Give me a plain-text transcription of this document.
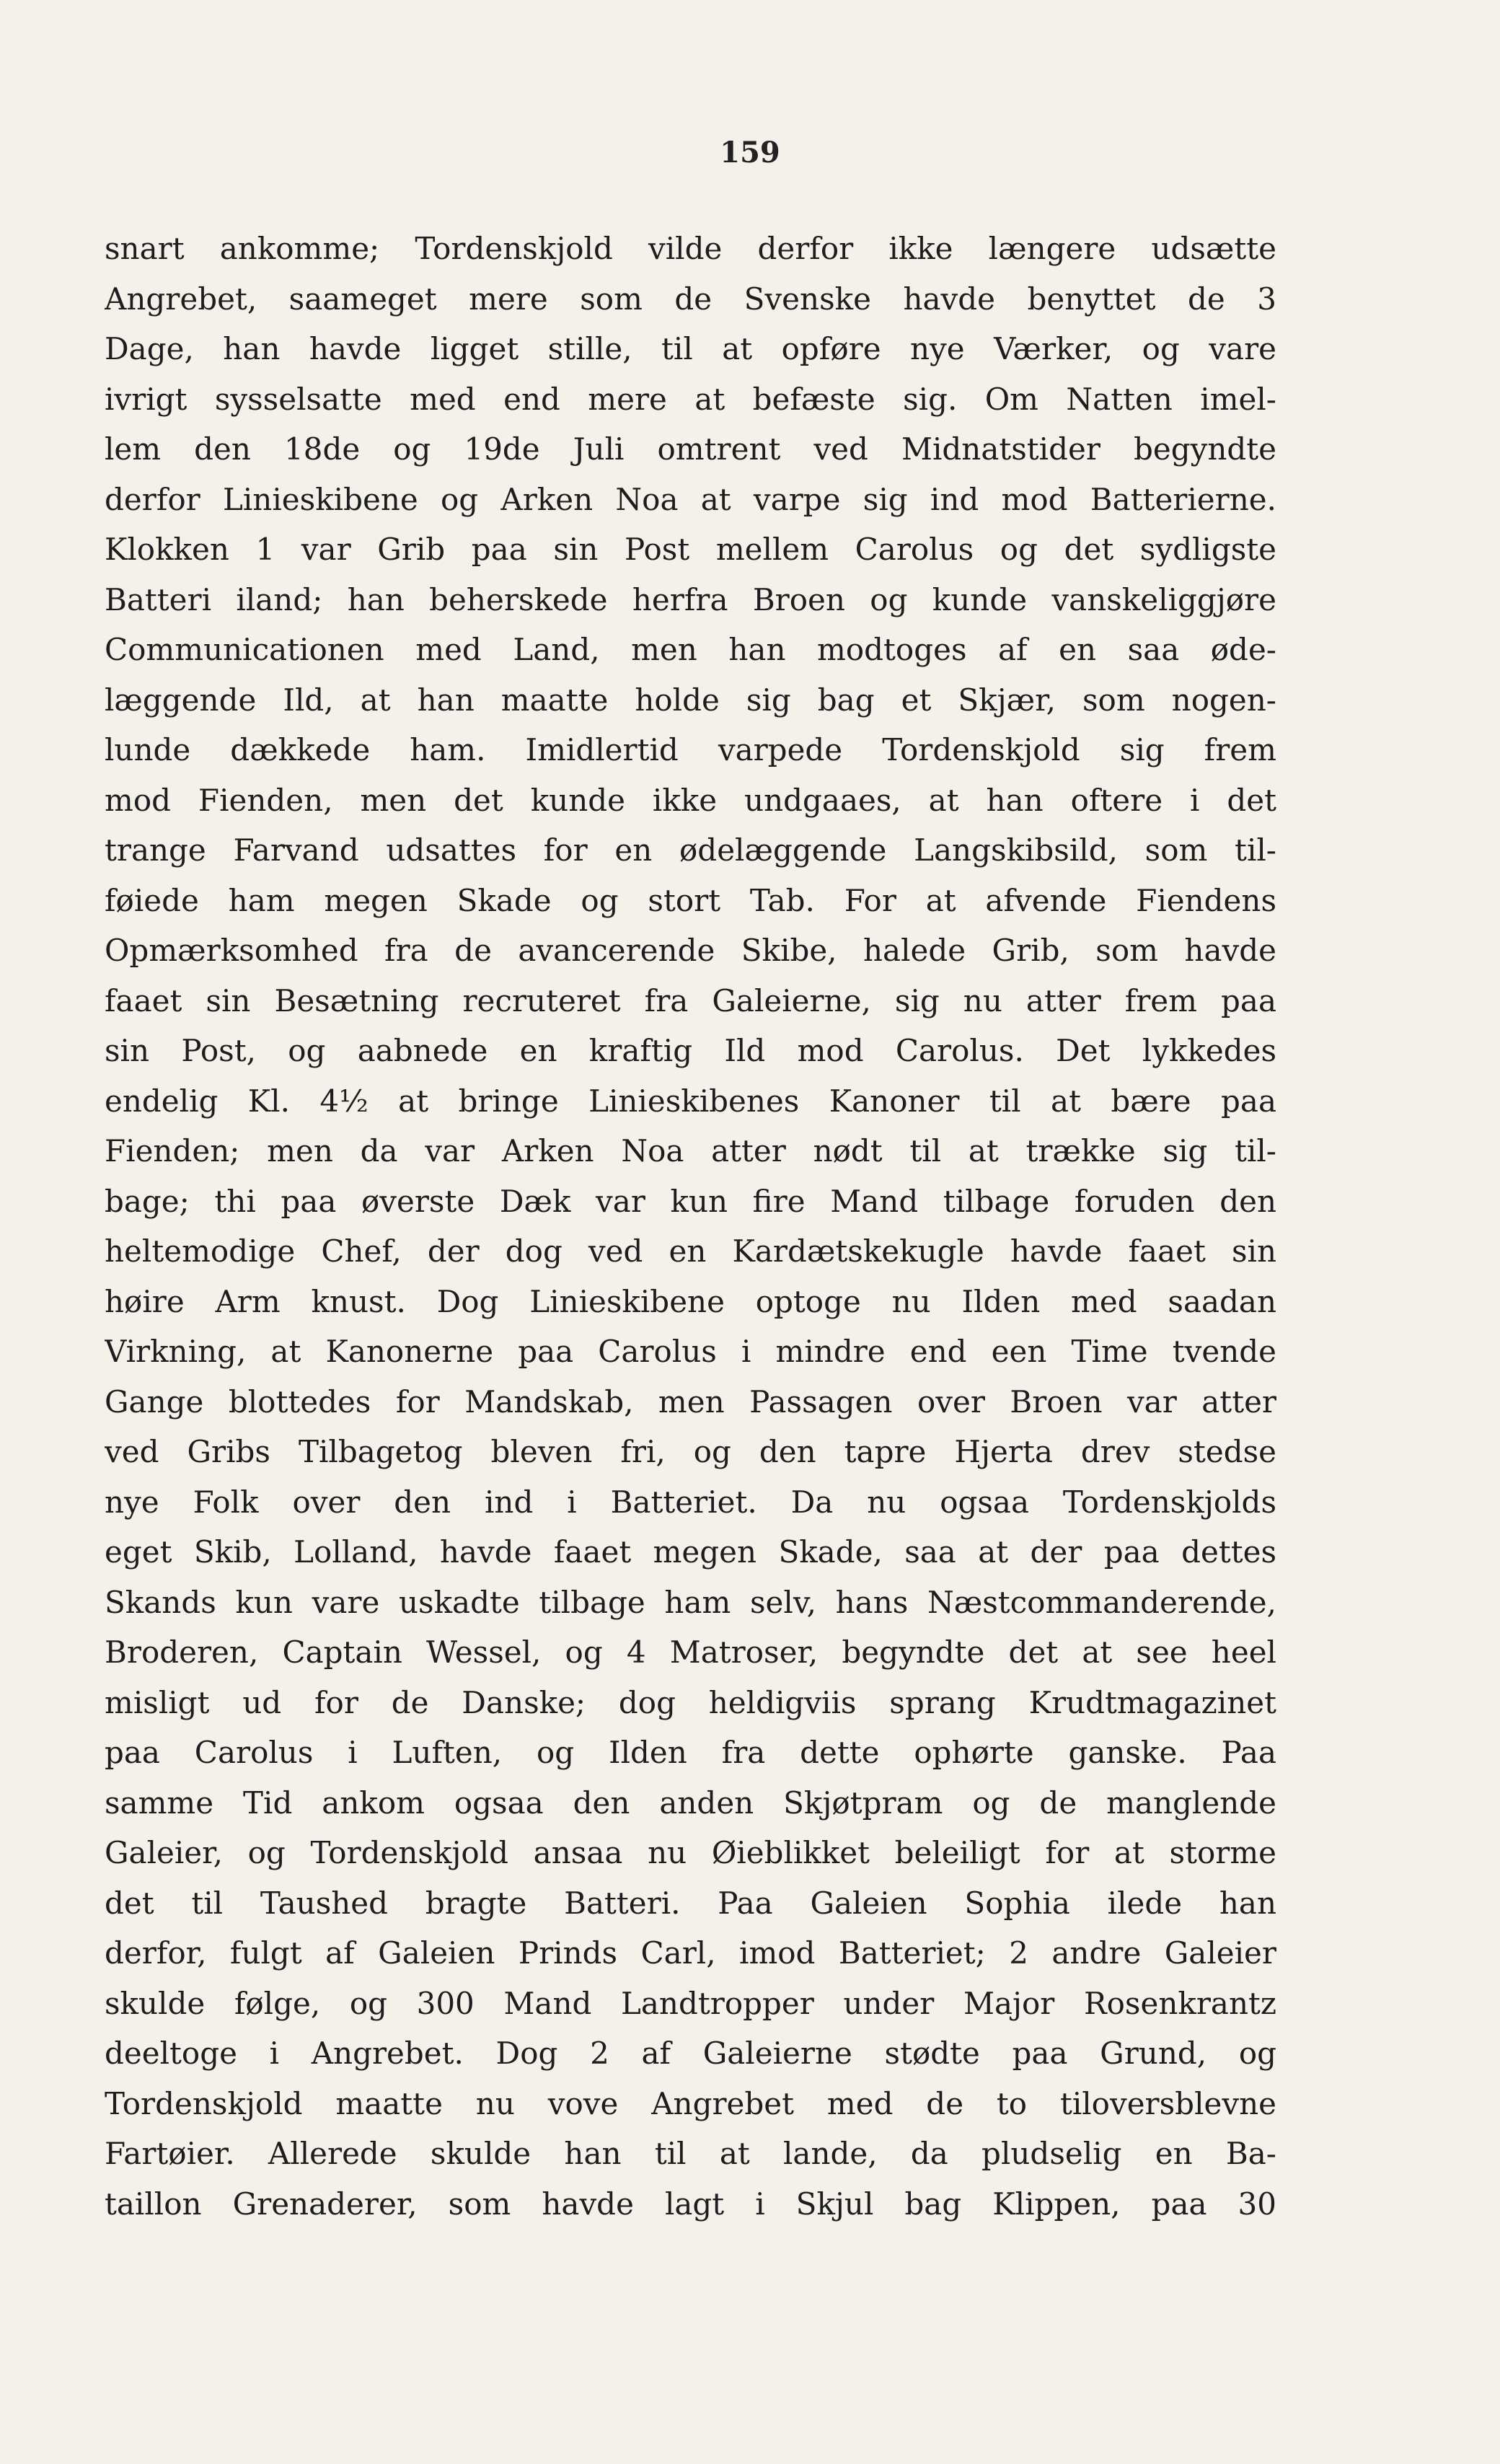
159
snart ankomme; Tordenskjold vilde derfor ikke længere udsætte
Angrebet, saameget mere som de Svenske havde benyttet de 3
Dage, han havde ligget stille, til at opføre nye Værker, og vare
ivrigt sysselsatte med end mere at befæste sig. Om Natten imel-
lem den 18de og 19de Juli omtrent ved Midnatstider begyndte
derfor Linieskibene og Arken Noa at varpe sig ind mod Batterierne.
Klokken 1 var Grib paa sin Post mellem Carolus og det sydligste
Batteri iland; han beherskede herfra Broen og kunde vanskeliggjøre
Communicationen med Land, men han modtoges af en saa øde-
læggende Ild, at han maatte holde sig bag et Skjær, som nogen-
lunde dækkede ham. Imidlertid varpede Tordenskjold sig frem
mod Fienden, men det kunde ikke undgaaes, at han oftere i det
trange Farvand udsattes for en ødelæggende Langskibsild, som til-
føiede ham megen Skade og stort Tab. For at afvende Fiendens
Opmærksomhed fra de avancerende Skibe, halede Grib, som havde
faaet sin Besætning recruteret fra Galeierne, sig nu atter frem paa
sin Post, og aabnede en kraftig Ild mod Carolus. Det lykkedes
endelig Kl. 4½ at bringe Linieskibenes Kanoner til at bære paa
Fienden; men da var Arken Noa atter nødt til at trække sig til-
bage; thi paa øverste Dæk var kun fire Mand tilbage foruden den
heltemodige Chef, der dog ved en Kardætskekugle havde faaet sin
høire Arm knust. Dog Linieskibene optoge nu Ilden med saadan
Virkning, at Kanonerne paa Carolus i mindre end een Time tvende
Gange blottedes for Mandskab, men Passagen over Broen var atter
ved Gribs Tilbagetog bleven fri, og den tapre Hjerta drev stedse
nye Folk over den ind i Batteriet. Da nu ogsaa Tordenskjolds
eget Skib, Lolland, havde faaet megen Skade, saa at der paa dettes
Skands kun vare uskadte tilbage ham selv, hans Næstcommanderende,
Broderen, Captain Wessel, og 4 Matroser, begyndte det at see heel
misligt ud for de Danske; dog heldigviis sprang Krudtmagazinet
paa Carolus i Luften, og Ilden fra dette ophørte ganske. Paa
samme Tid ankom ogsaa den anden Skjøtpram og de manglende
Galeier, og Tordenskjold ansaa nu Øieblikket beleiligt for at storme
det til Taushed bragte Batteri. Paa Galeien Sophia ilede han
derfor, fulgt af Galeien Prinds Carl, imod Batteriet; 2 andre Galeier
skulde følge, og 300 Mand Landtropper under Major Rosenkrantz
deeltoge i Angrebet. Dog 2 af Galeierne stødte paa Grund, og
Tordenskjold maatte nu vove Angrebet med de to tiloversblevne
Fartøier. Allerede skulde han til at lande, da pludselig en Ba-
taillon Grenaderer, som havde lagt i Skjul bag Klippen, paa 30
